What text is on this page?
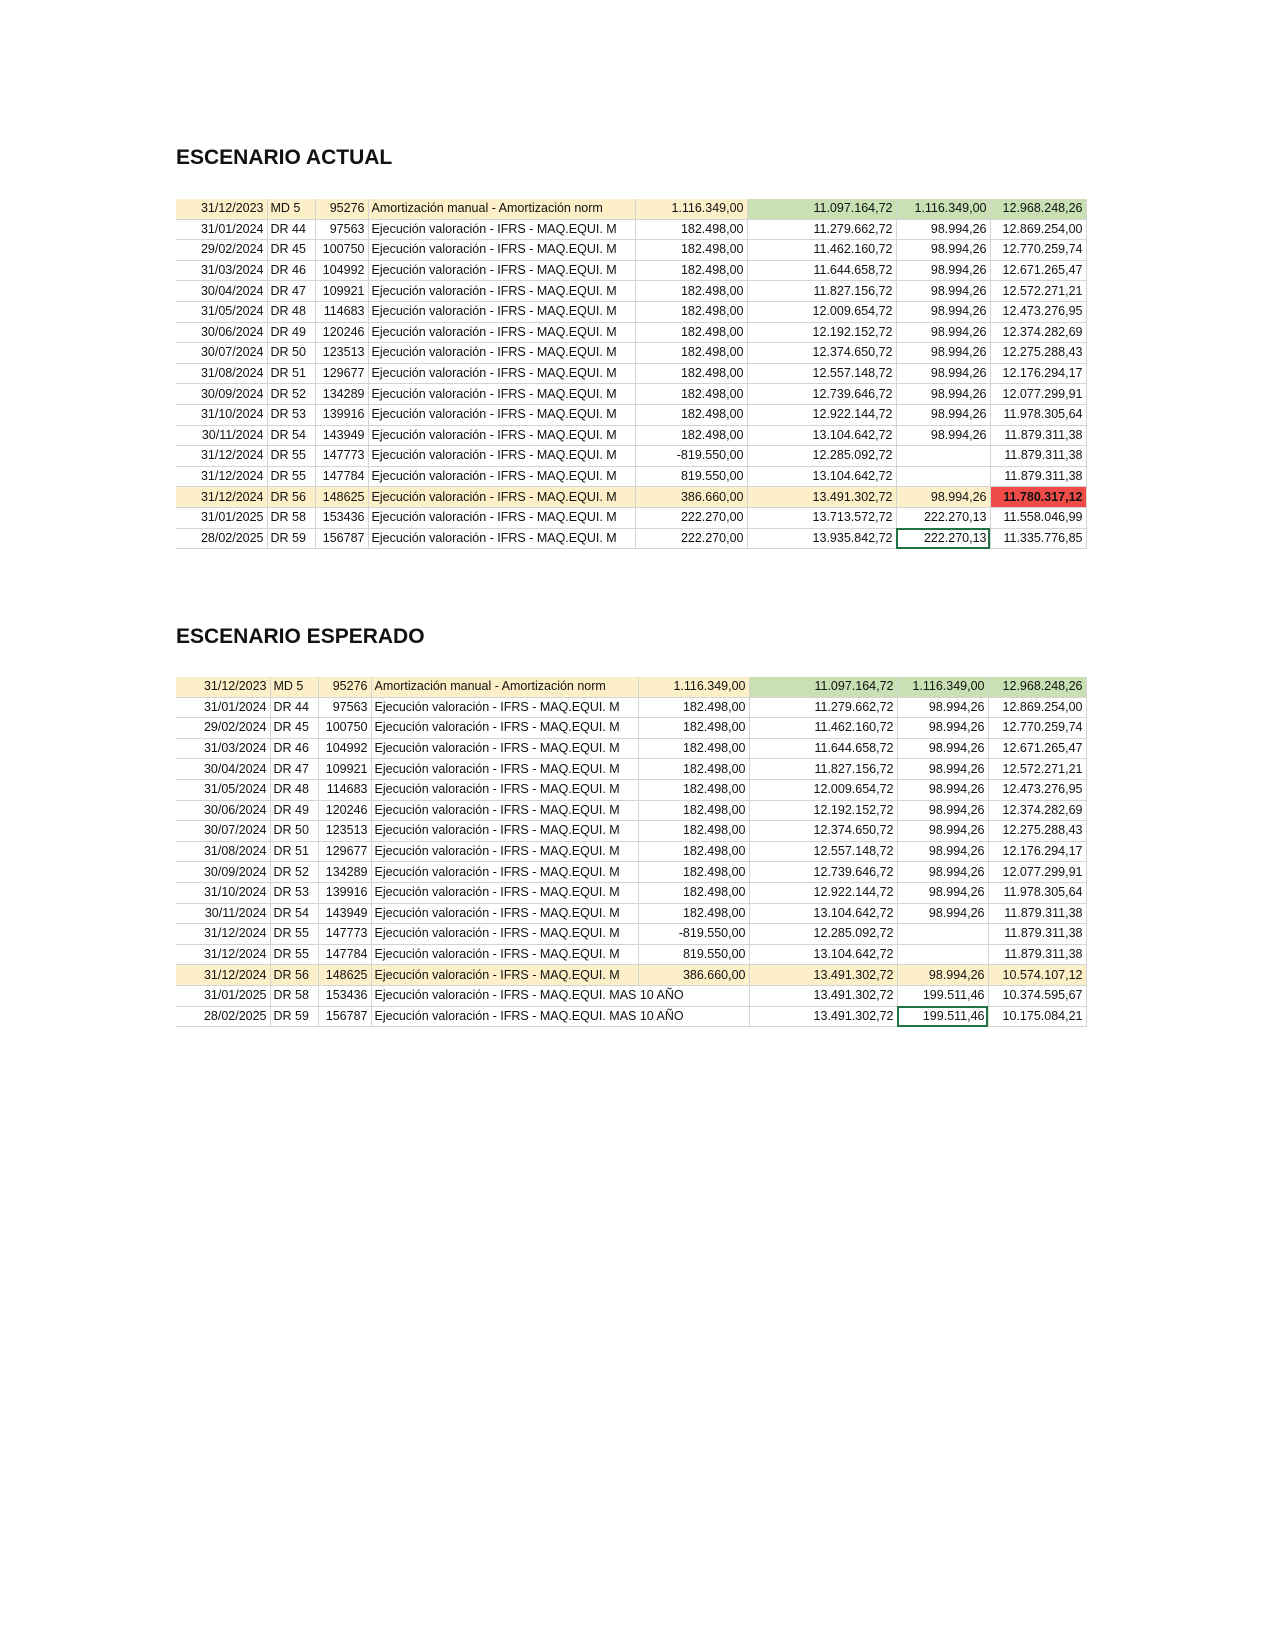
ESCENARIO ACTUAL
31/12/2023	MD 5	95276	Amortización manual - Amortización norm	1.116.349,00	11.097.164,72	1.116.349,00	12.968.248,26
31/01/2024	DR 44	97563	Ejecución valoración - IFRS - MAQ.EQUI. M	182.498,00	11.279.662,72	98.994,26	12.869.254,00
29/02/2024	DR 45	100750	Ejecución valoración - IFRS - MAQ.EQUI. M	182.498,00	11.462.160,72	98.994,26	12.770.259,74
31/03/2024	DR 46	104992	Ejecución valoración - IFRS - MAQ.EQUI. M	182.498,00	11.644.658,72	98.994,26	12.671.265,47
30/04/2024	DR 47	109921	Ejecución valoración - IFRS - MAQ.EQUI. M	182.498,00	11.827.156,72	98.994,26	12.572.271,21
31/05/2024	DR 48	114683	Ejecución valoración - IFRS - MAQ.EQUI. M	182.498,00	12.009.654,72	98.994,26	12.473.276,95
30/06/2024	DR 49	120246	Ejecución valoración - IFRS - MAQ.EQUI. M	182.498,00	12.192.152,72	98.994,26	12.374.282,69
30/07/2024	DR 50	123513	Ejecución valoración - IFRS - MAQ.EQUI. M	182.498,00	12.374.650,72	98.994,26	12.275.288,43
31/08/2024	DR 51	129677	Ejecución valoración - IFRS - MAQ.EQUI. M	182.498,00	12.557.148,72	98.994,26	12.176.294,17
30/09/2024	DR 52	134289	Ejecución valoración - IFRS - MAQ.EQUI. M	182.498,00	12.739.646,72	98.994,26	12.077.299,91
31/10/2024	DR 53	139916	Ejecución valoración - IFRS - MAQ.EQUI. M	182.498,00	12.922.144,72	98.994,26	11.978.305,64
30/11/2024	DR 54	143949	Ejecución valoración - IFRS - MAQ.EQUI. M	182.498,00	13.104.642,72	98.994,26	11.879.311,38
31/12/2024	DR 55	147773	Ejecución valoración - IFRS - MAQ.EQUI. M	-819.550,00	12.285.092,72		11.879.311,38
31/12/2024	DR 55	147784	Ejecución valoración - IFRS - MAQ.EQUI. M	819.550,00	13.104.642,72		11.879.311,38
31/12/2024	DR 56	148625	Ejecución valoración - IFRS - MAQ.EQUI. M	386.660,00	13.491.302,72	98.994,26	11.780.317,12
31/01/2025	DR 58	153436	Ejecución valoración - IFRS - MAQ.EQUI. M	222.270,00	13.713.572,72	222.270,13	11.558.046,99
28/02/2025	DR 59	156787	Ejecución valoración - IFRS - MAQ.EQUI. M	222.270,00	13.935.842,72	222.270,13	11.335.776,85
ESCENARIO ESPERADO
31/12/2023	MD 5	95276	Amortización manual - Amortización norm	1.116.349,00	11.097.164,72	1.116.349,00	12.968.248,26
31/01/2024	DR 44	97563	Ejecución valoración - IFRS - MAQ.EQUI. M	182.498,00	11.279.662,72	98.994,26	12.869.254,00
29/02/2024	DR 45	100750	Ejecución valoración - IFRS - MAQ.EQUI. M	182.498,00	11.462.160,72	98.994,26	12.770.259,74
31/03/2024	DR 46	104992	Ejecución valoración - IFRS - MAQ.EQUI. M	182.498,00	11.644.658,72	98.994,26	12.671.265,47
30/04/2024	DR 47	109921	Ejecución valoración - IFRS - MAQ.EQUI. M	182.498,00	11.827.156,72	98.994,26	12.572.271,21
31/05/2024	DR 48	114683	Ejecución valoración - IFRS - MAQ.EQUI. M	182.498,00	12.009.654,72	98.994,26	12.473.276,95
30/06/2024	DR 49	120246	Ejecución valoración - IFRS - MAQ.EQUI. M	182.498,00	12.192.152,72	98.994,26	12.374.282,69
30/07/2024	DR 50	123513	Ejecución valoración - IFRS - MAQ.EQUI. M	182.498,00	12.374.650,72	98.994,26	12.275.288,43
31/08/2024	DR 51	129677	Ejecución valoración - IFRS - MAQ.EQUI. M	182.498,00	12.557.148,72	98.994,26	12.176.294,17
30/09/2024	DR 52	134289	Ejecución valoración - IFRS - MAQ.EQUI. M	182.498,00	12.739.646,72	98.994,26	12.077.299,91
31/10/2024	DR 53	139916	Ejecución valoración - IFRS - MAQ.EQUI. M	182.498,00	12.922.144,72	98.994,26	11.978.305,64
30/11/2024	DR 54	143949	Ejecución valoración - IFRS - MAQ.EQUI. M	182.498,00	13.104.642,72	98.994,26	11.879.311,38
31/12/2024	DR 55	147773	Ejecución valoración - IFRS - MAQ.EQUI. M	-819.550,00	12.285.092,72		11.879.311,38
31/12/2024	DR 55	147784	Ejecución valoración - IFRS - MAQ.EQUI. M	819.550,00	13.104.642,72		11.879.311,38
31/12/2024	DR 56	148625	Ejecución valoración - IFRS - MAQ.EQUI. M	386.660,00	13.491.302,72	98.994,26	10.574.107,12
31/01/2025	DR 58	153436	Ejecución valoración - IFRS - MAQ.EQUI. MAS 10 AÑO		13.491.302,72	199.511,46	10.374.595,67
28/02/2025	DR 59	156787	Ejecución valoración - IFRS - MAQ.EQUI. MAS 10 AÑO		13.491.302,72	199.511,46	10.175.084,21
